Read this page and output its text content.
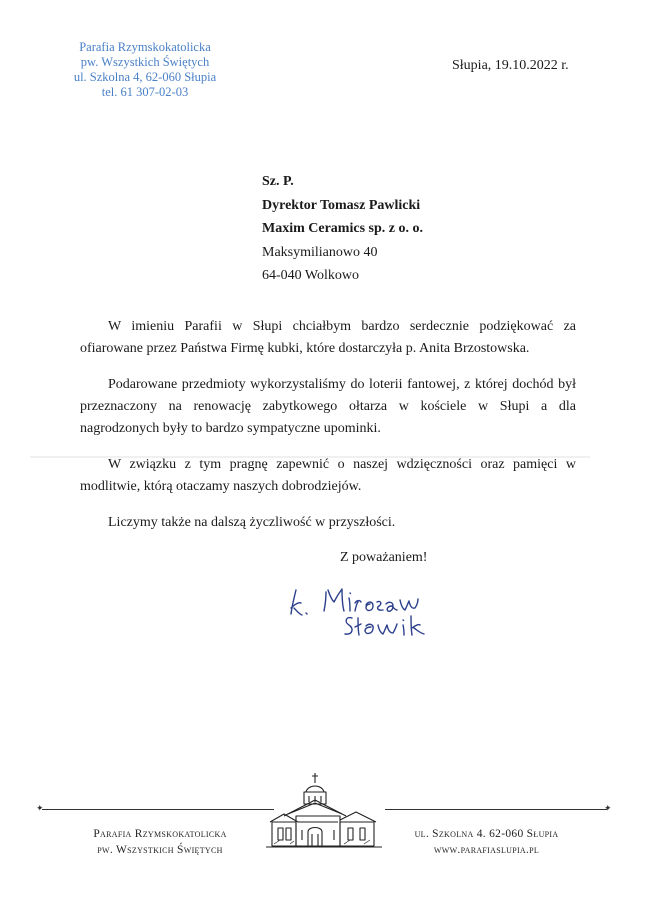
Parafia Rzymskokatolicka
pw. Wszystkich Świętych
ul. Szkolna 4, 62-060 Słupia
tel. 61 307-02-03
Słupia, 19.10.2022 r.
Sz. P.
Dyrektor Tomasz Pawlicki
Maxim Ceramics sp. z o. o.
Maksymilianowo 40
64-040 Wolkowo

W imieniu Parafii w Słupi chciałbym bardzo serdecznie podziękować za ofiarowane przez Państwa Firmę kubki, które dostarczyła p. Anita Brzostowska.

Podarowane przedmioty wykorzystaliśmy do loterii fantowej, z której dochód był przeznaczony na renowację zabytkowego ołtarza w kościele w Słupi a dla nagrodzonych były to bardzo sympatyczne upominki.

W związku z tym pragnę zapewnić o naszej wdzięczności oraz pamięci w modlitwie, którą otaczamy naszych dobrodziejów.

Liczymy także na dalszą życzliwość w przyszłości.

Z poważaniem!
✦	✦
Parafia Rzymskokatolicka
pw. Wszystkich Świętych
ul. Szkolna 4. 62-060 Słupia
www.parafiaslupia.pl
